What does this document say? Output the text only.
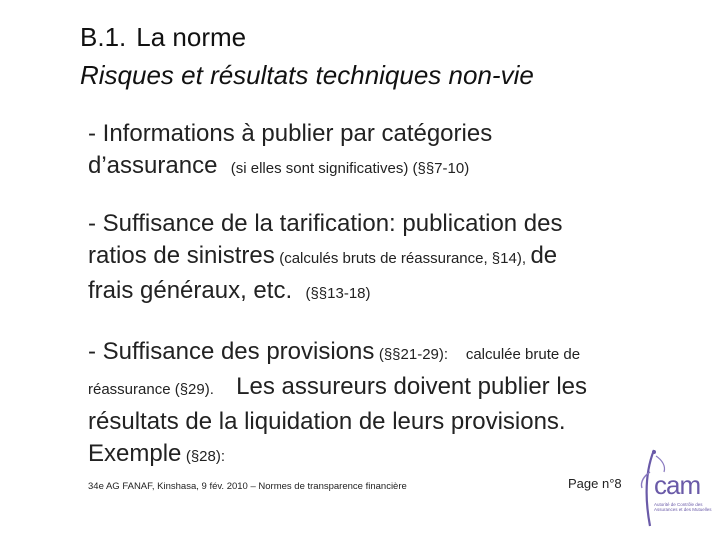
B.1. La norme
Risques et résultats techniques non-vie
- Informations à publier par catégories
d’assurance (si elles sont significatives) (§§7-10)
- Suffisance de la tarification: publication des
ratios de sinistres (calculés bruts de réassurance, §14), de
frais généraux, etc. (§§13-18)
- Suffisance des provisions (§§21-29): calculée brute de
réassurance (§29). Les assureurs doivent publier les
résultats de la liquidation de leurs provisions.
Exemple (§28):
34e AG FANAF, Kinshasa, 9 fév. 2010 – Normes de transparence financière	Page n°8 cam
Autorité de Contrôle des Assurances et des Mutuelles
